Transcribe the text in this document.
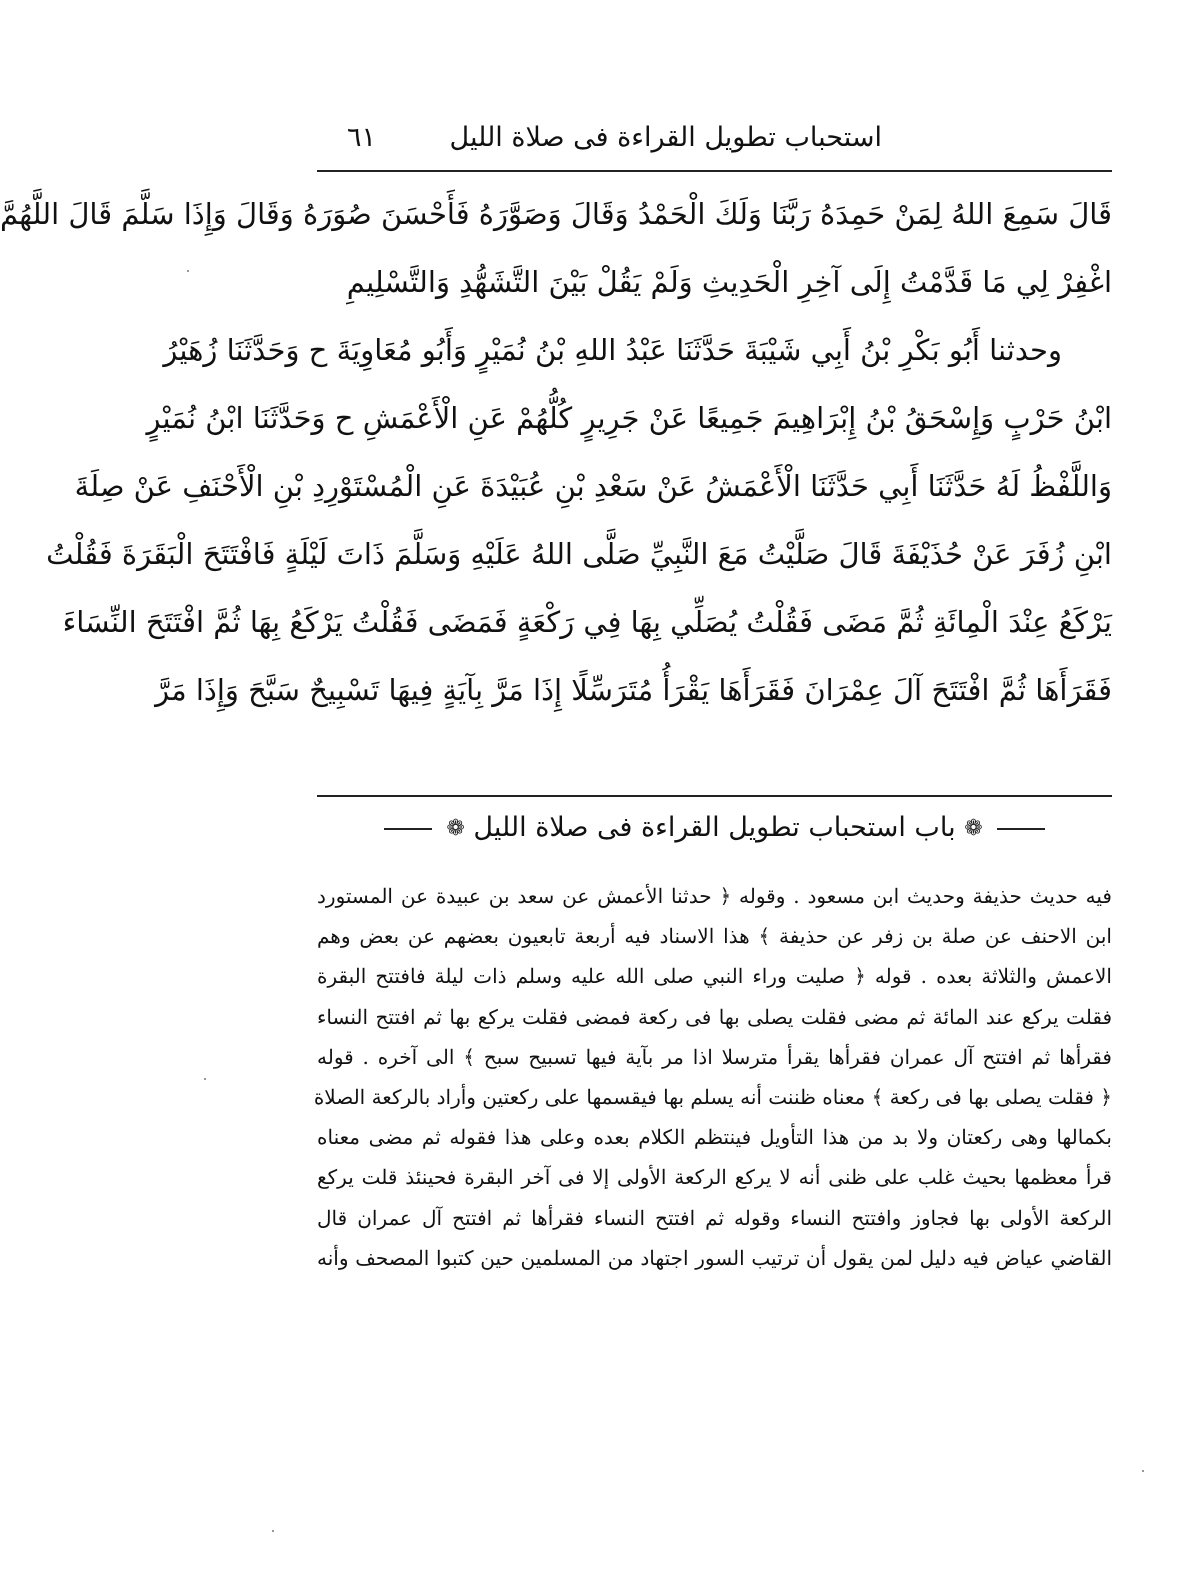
استحباب تطويل القراءة فى صلاة الليل
٦١
قَالَ سَمِعَ اللهُ لِمَنْ حَمِدَهُ رَبَّنَا وَلَكَ الْحَمْدُ وَقَالَ وَصَوَّرَهُ فَأَحْسَنَ صُوَرَهُ وَقَالَ وَإِذَا سَلَّمَ قَالَ اللَّهُمَّ
اغْفِرْ لِي مَا قَدَّمْتُ إِلَى آخِرِ الْحَدِيثِ وَلَمْ يَقُلْ بَيْنَ التَّشَهُّدِ وَالتَّسْلِيمِ
وحدثنا أَبُو بَكْرِ بْنُ أَبِي شَيْبَةَ حَدَّثَنَا عَبْدُ اللهِ بْنُ نُمَيْرٍ وَأَبُو مُعَاوِيَةَ ح وَحَدَّثَنَا زُهَيْرُ
ابْنُ حَرْبٍ وَإِسْحَقُ بْنُ إِبْرَاهِيمَ جَمِيعًا عَنْ جَرِيرٍ كُلُّهُمْ عَنِ الْأَعْمَشِ ح وَحَدَّثَنَا ابْنُ نُمَيْرٍ
وَاللَّفْظُ لَهُ حَدَّثَنَا أَبِي حَدَّثَنَا الْأَعْمَشُ عَنْ سَعْدِ بْنِ عُبَيْدَةَ عَنِ الْمُسْتَوْرِدِ بْنِ الْأَحْنَفِ عَنْ صِلَةَ
ابْنِ زُفَرَ عَنْ حُذَيْفَةَ قَالَ صَلَّيْتُ مَعَ النَّبِيِّ صَلَّى اللهُ عَلَيْهِ وَسَلَّمَ ذَاتَ لَيْلَةٍ فَافْتَتَحَ الْبَقَرَةَ فَقُلْتُ
يَرْكَعُ عِنْدَ الْمِائَةِ ثُمَّ مَضَى فَقُلْتُ يُصَلِّي بِهَا فِي رَكْعَةٍ فَمَضَى فَقُلْتُ يَرْكَعُ بِهَا ثُمَّ افْتَتَحَ النِّسَاءَ
فَقَرَأَهَا ثُمَّ افْتَتَحَ آلَ عِمْرَانَ فَقَرَأَهَا يَقْرَأُ مُتَرَسِّلًا إِذَا مَرَّ بِآيَةٍ فِيهَا تَسْبِيحٌ سَبَّحَ وَإِذَا مَرَّ
❁ باب استحباب تطويل القراءة فى صلاة الليل ❁
فيه حديث حذيفة وحديث ابن مسعود . وقوله ﴿ حدثنا الأعمش عن سعد بن عبيدة عن المستورد
ابن الاحنف عن صلة بن زفر عن حذيفة ﴾ هذا الاسناد فيه أربعة تابعيون بعضهم عن بعض وهم
الاعمش والثلاثة بعده . قوله ﴿ صليت وراء النبي صلى الله عليه وسلم ذات ليلة فافتتح البقرة
فقلت يركع عند المائة ثم مضى فقلت يصلى بها فى ركعة فمضى فقلت يركع بها ثم افتتح النساء
فقرأها ثم افتتح آل عمران فقرأها يقرأ مترسلا اذا مر بآية فيها تسبيح سبح ﴾ الى آخره . قوله
﴿ فقلت يصلى بها فى ركعة ﴾ معناه ظننت أنه يسلم بها فيقسمها على ركعتين وأراد بالركعة الصلاة
بكمالها وهى ركعتان ولا بد من هذا التأويل فينتظم الكلام بعده وعلى هذا فقوله ثم مضى معناه
قرأ معظمها بحيث غلب على ظنى أنه لا يركع الركعة الأولى إلا فى آخر البقرة فحينئذ قلت يركع
الركعة الأولى بها فجاوز وافتتح النساء وقوله ثم افتتح النساء فقرأها ثم افتتح آل عمران قال
القاضي عياض فيه دليل لمن يقول أن ترتيب السور اجتهاد من المسلمين حين كتبوا المصحف وأنه
